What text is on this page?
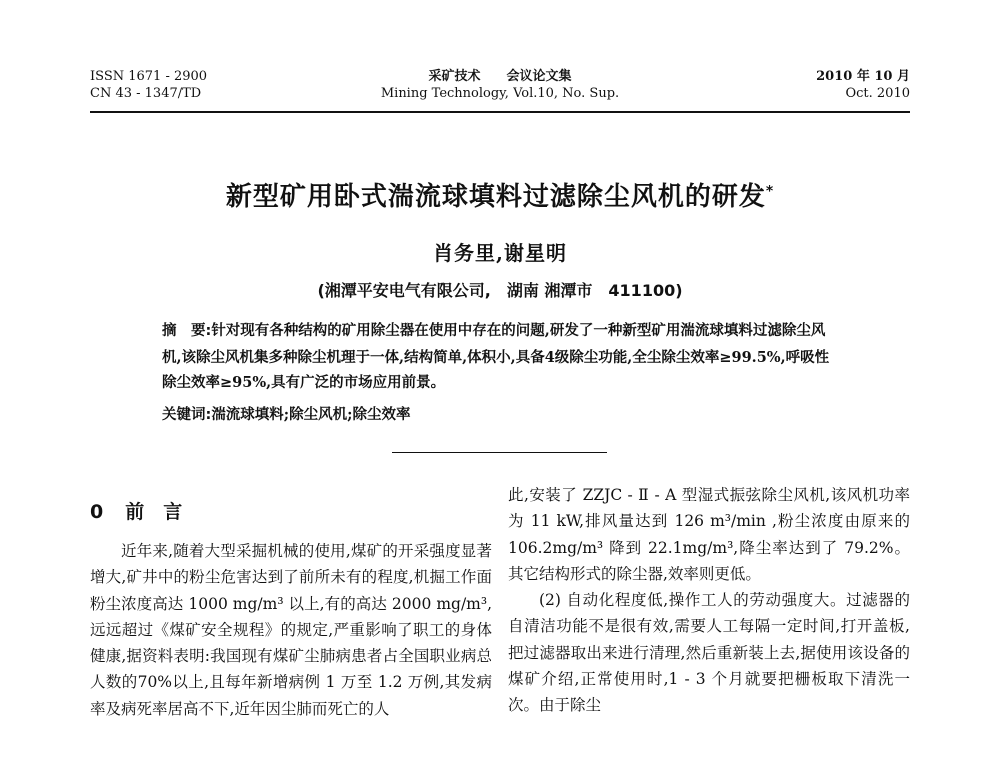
ISSN 1671 - 2900
CN 43 - 1347/TD
采矿技术　　会议论文集
Mining Technology, Vol.10, No. Sup.
2010 年 10 月
Oct. 2010
新型矿用卧式湍流球填料过滤除尘风机的研发*
肖务里,谢星明
(湘潭平安电气有限公司,　湖南 湘潭市　411100)
摘　要:针对现有各种结构的矿用除尘器在使用中存在的问题,研发了一种新型矿用湍流球填料过滤除尘风机,该除尘风机集多种除尘机理于一体,结构简单,体积小,具备4级除尘功能,全尘除尘效率≥99.5%,呼吸性除尘效率≥95%,具有广泛的市场应用前景。
关键词:湍流球填料;除尘风机;除尘效率
0 前　言

近年来,随着大型采掘机械的使用,煤矿的开采强度显著增大,矿井中的粉尘危害达到了前所未有的程度,机掘工作面粉尘浓度高达 1000 mg/m³ 以上,有的高达 2000 mg/m³,远远超过《煤矿安全规程》的规定,严重影响了职工的身体健康,据资料表明:我国现有煤矿尘肺病患者占全国职业病总人数的70%以上,且每年新增病例 1 万至 1.2 万例,其发病率及病死率居高不下,近年因尘肺而死亡的人

此,安装了 ZZJC - Ⅱ - A 型湿式振弦除尘风机,该风机功率为 11 kW,排风量达到 126 m³/min ,粉尘浓度由原来的 106.2mg/m³ 降到 22.1mg/m³,降尘率达到了 79.2%。其它结构形式的除尘器,效率则更低。

(2) 自动化程度低,操作工人的劳动强度大。过滤器的自清洁功能不是很有效,需要人工每隔一定时间,打开盖板,把过滤器取出来进行清理,然后重新装上去,据使用该设备的煤矿介绍,正常使用时,1 - 3 个月就要把栅板取下清洗一次。由于除尘
